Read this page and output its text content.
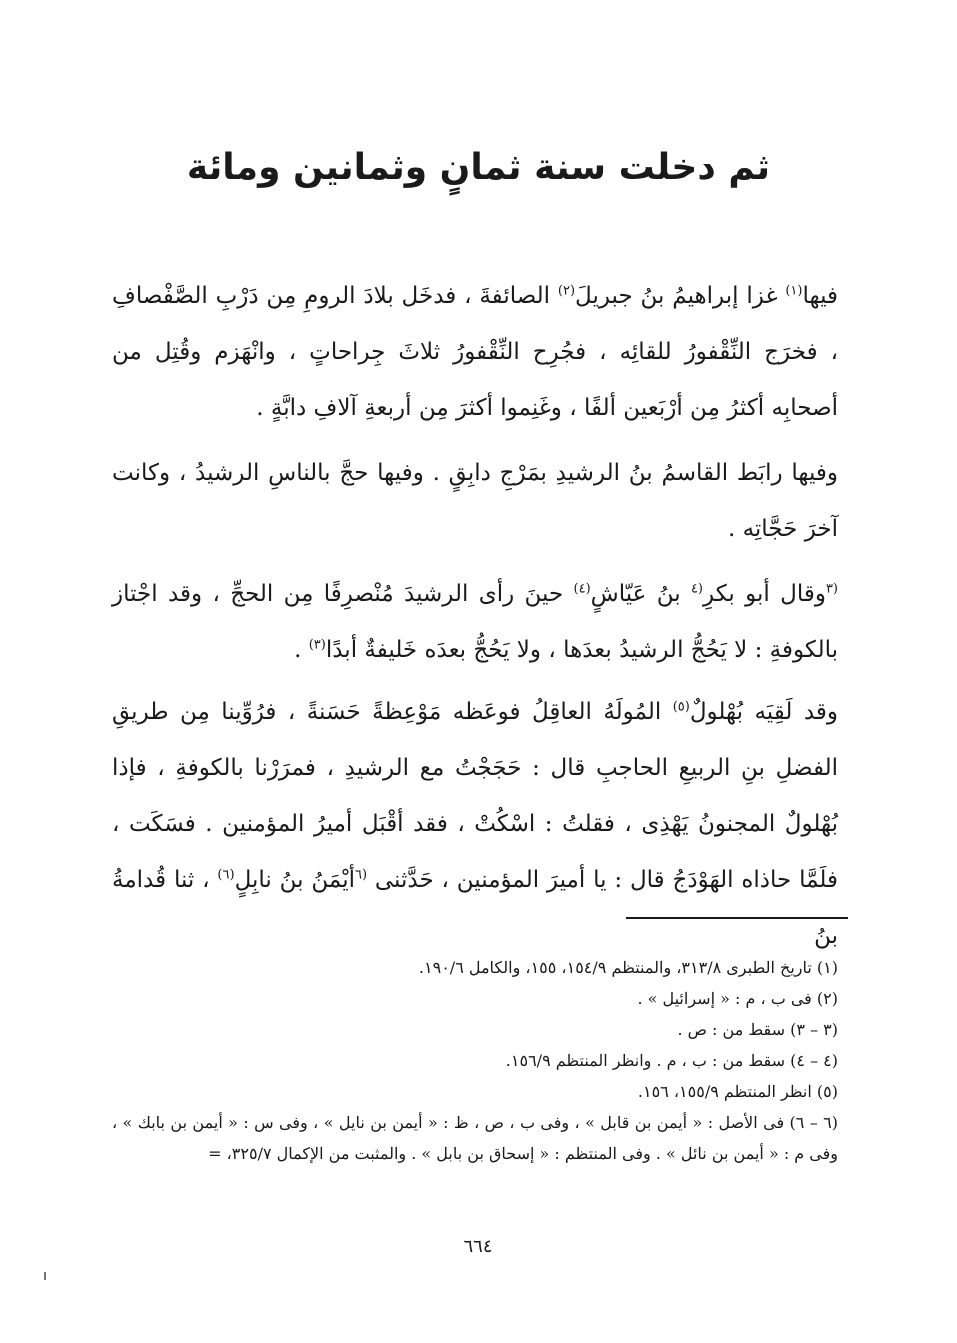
ثم دخلت سنة ثمانٍ وثمانين ومائة

فيها$^{(١)}$ غزا إبراهيمُ بنُ جبريلَ$^{(٢)}$ الصائفةَ ، فدخَل بلادَ الرومِ مِن دَرْبِ الصَّفْصافِ ، فخرَج النِّقْفورُ للقائِه ، فجُرِح النِّقْفورُ ثلاثَ جِراحاتٍ ، وانْهَزم وقُتِل من أصحابِه أكثرُ مِن أرْبَعين ألفًا ، وغَنِموا أكثرَ مِن أربعةِ آلافِ دابَّةٍ .

وفيها رابَط القاسمُ بنُ الرشيدِ بمَرْجِ دابِقٍ . وفيها حجَّ بالناسِ الرشيدُ ، وكانت آخرَ حَجَّاتِه .

$^{(٣}$وقال أبو بكرِ$^{(٤}$ بنُ عَيّاشٍ$^{(٤)}$ حينَ رأى الرشيدَ مُنْصرِفًا مِن الحجِّ ، وقد اجْتاز بالكوفةِ : لا يَحُجُّ الرشيدُ بعدَها ، ولا يَحُجُّ بعدَه خَليفةٌ أبدًا$^{(٣)}$ .

وقد لَقِيَه بُهْلولٌ$^{(٥)}$ المُولَهُ العاقِلُ فوعَظه مَوْعِظةً حَسَنةً ، فرُوِّينا مِن طريقِ الفضلِ بنِ الربيعِ الحاجبِ قال : حَجَجْتُ مع الرشيدِ ، فمرَرْنا بالكوفةِ ، فإذا بُهْلولٌ المجنونُ يَهْذِى ، فقلتُ : اسْكُتْ ، فقد أقْبَل أميرُ المؤمنين . فسَكَت ، فلَمَّا حاذاه الهَوْدَجُ قال : يا أميرَ المؤمنين ، حَدَّثنى $^{(٦}$أيْمَنُ بنُ نابِلٍ$^{(٦)}$ ، ثنا قُدامةُ بنُ

(١) تاريخ الطبرى ٣١٣/٨، والمنتظم ١٥٤/٩، ١٥٥، والكامل ١٩٠/٦.
(٢) فى ب ، م : « إسرائيل » .
(٣ – ٣) سقط من : ص .
(٤ – ٤) سقط من : ب ، م . وانظر المنتظم ١٥٦/٩.
(٥) انظر المنتظم ١٥٥/٩، ١٥٦.
(٦ – ٦) فى الأصل : « أيمن بن قابل » ، وفى ب ، ص ، ظ : « أيمن بن نايل » ، وفى س : « أيمن بن بابك » ، وفى م : « أيمن بن نائل » . وفى المنتظم : « إسحاق بن بابل » . والمثبت من الإكمال ٣٢٥/٧، =
٦٦٤
